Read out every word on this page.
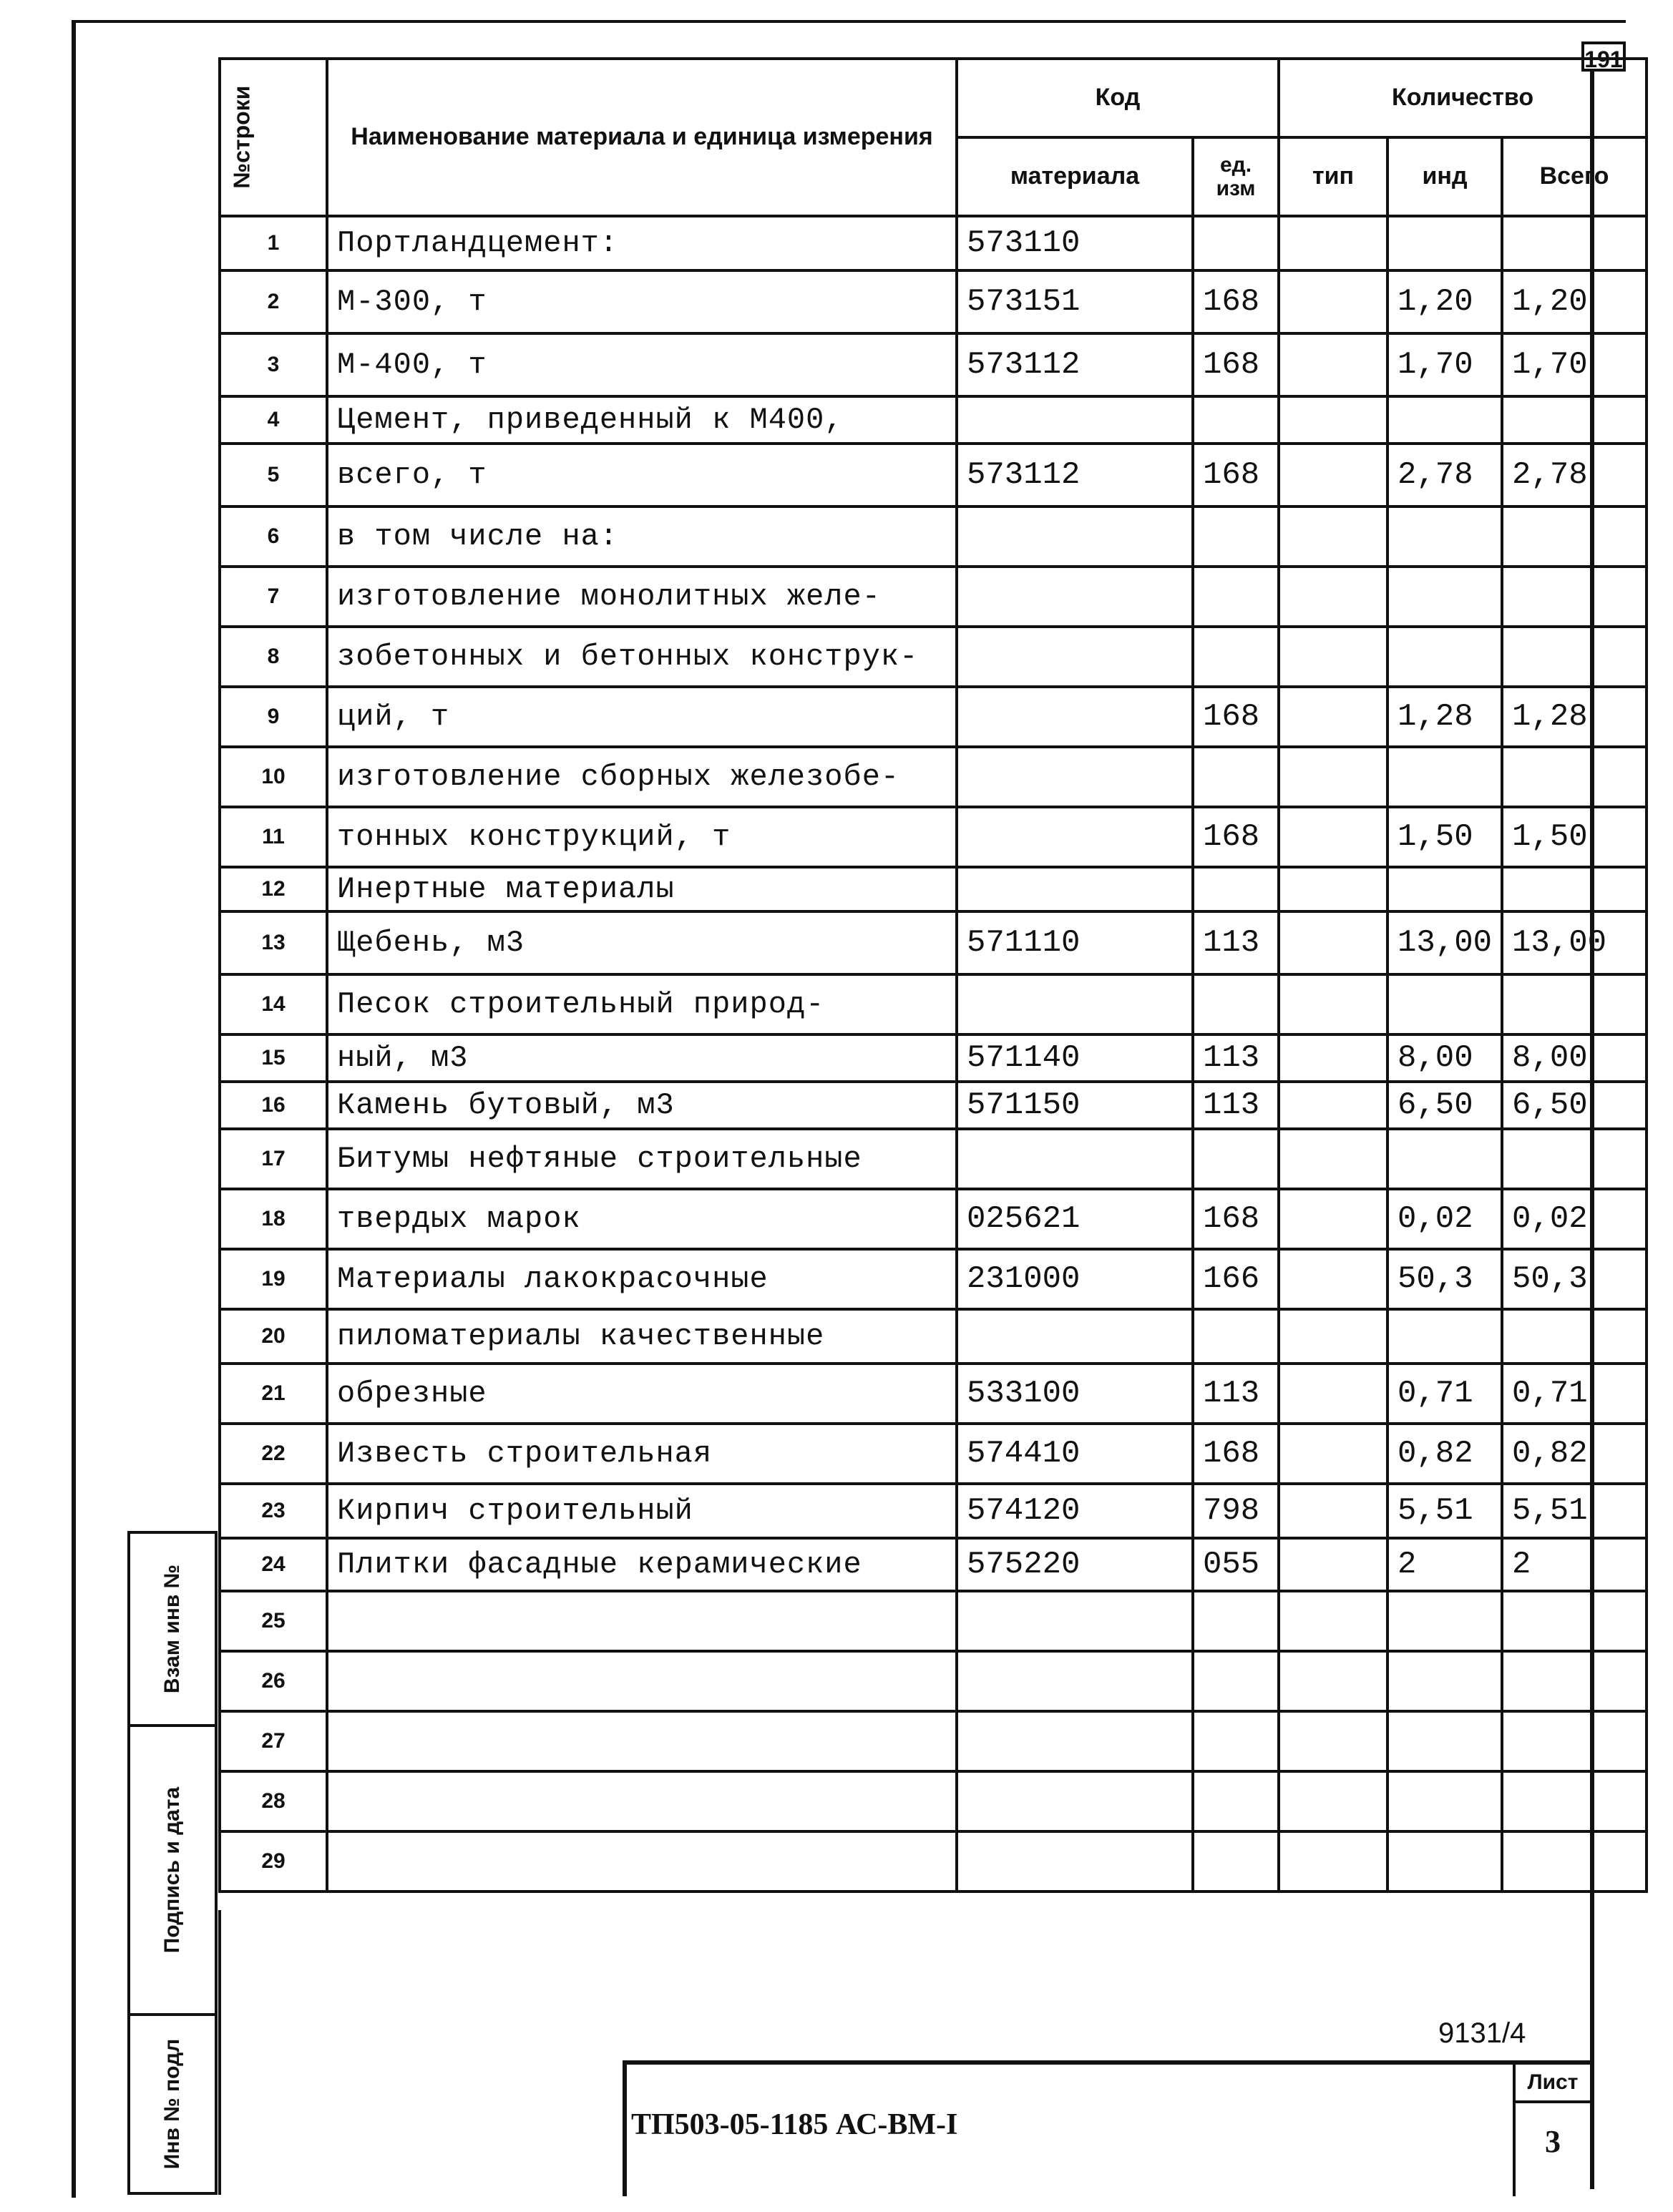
191
№строки	Наименование материала и единица измерения	Код		Количество		
		материала	ед. изм	тип	инд	Всего
1	Портландцемент:	573110				
2	М-300, т	573151	168		1,20	1,20
3	М-400, т	573112	168		1,70	1,70
4	Цемент, приведенный к М400,					
5	всего, т	573112	168		2,78	2,78
6	в том числе на:					
7	изготовление монолитных желе-					
8	зобетонных и бетонных конструк-					
9	ций, т		168		1,28	1,28
10	изготовление сборных железобе-					
11	тонных конструкций, т		168		1,50	1,50
12	Инертные материалы					
13	Щебень, м3	571110	113		13,00	13,00
14	Песок строительный природ-					
15	ный, м3	571140	113		8,00	8,00
16	Камень бутовый, м3	571150	113		6,50	6,50
17	Битумы нефтяные строительные					
18	твердых марок	025621	168		0,02	0,02
19	Материалы лакокрасочные	231000	166		50,3	50,3
20	пиломатериалы качественные					
21	обрезные	533100	113		0,71	0,71
22	Известь строительная	574410	168		0,82	0,82
23	Кирпич строительный	574120	798		5,51	5,51
24	Плитки фасадные керамические	575220	055		2	2
25						
26						
27						
28						
29						
Взам инв №
Подпись и дата
Инв № подл
9131/4
ТП503-05-1185 АС-ВМ-I
Лист
3
